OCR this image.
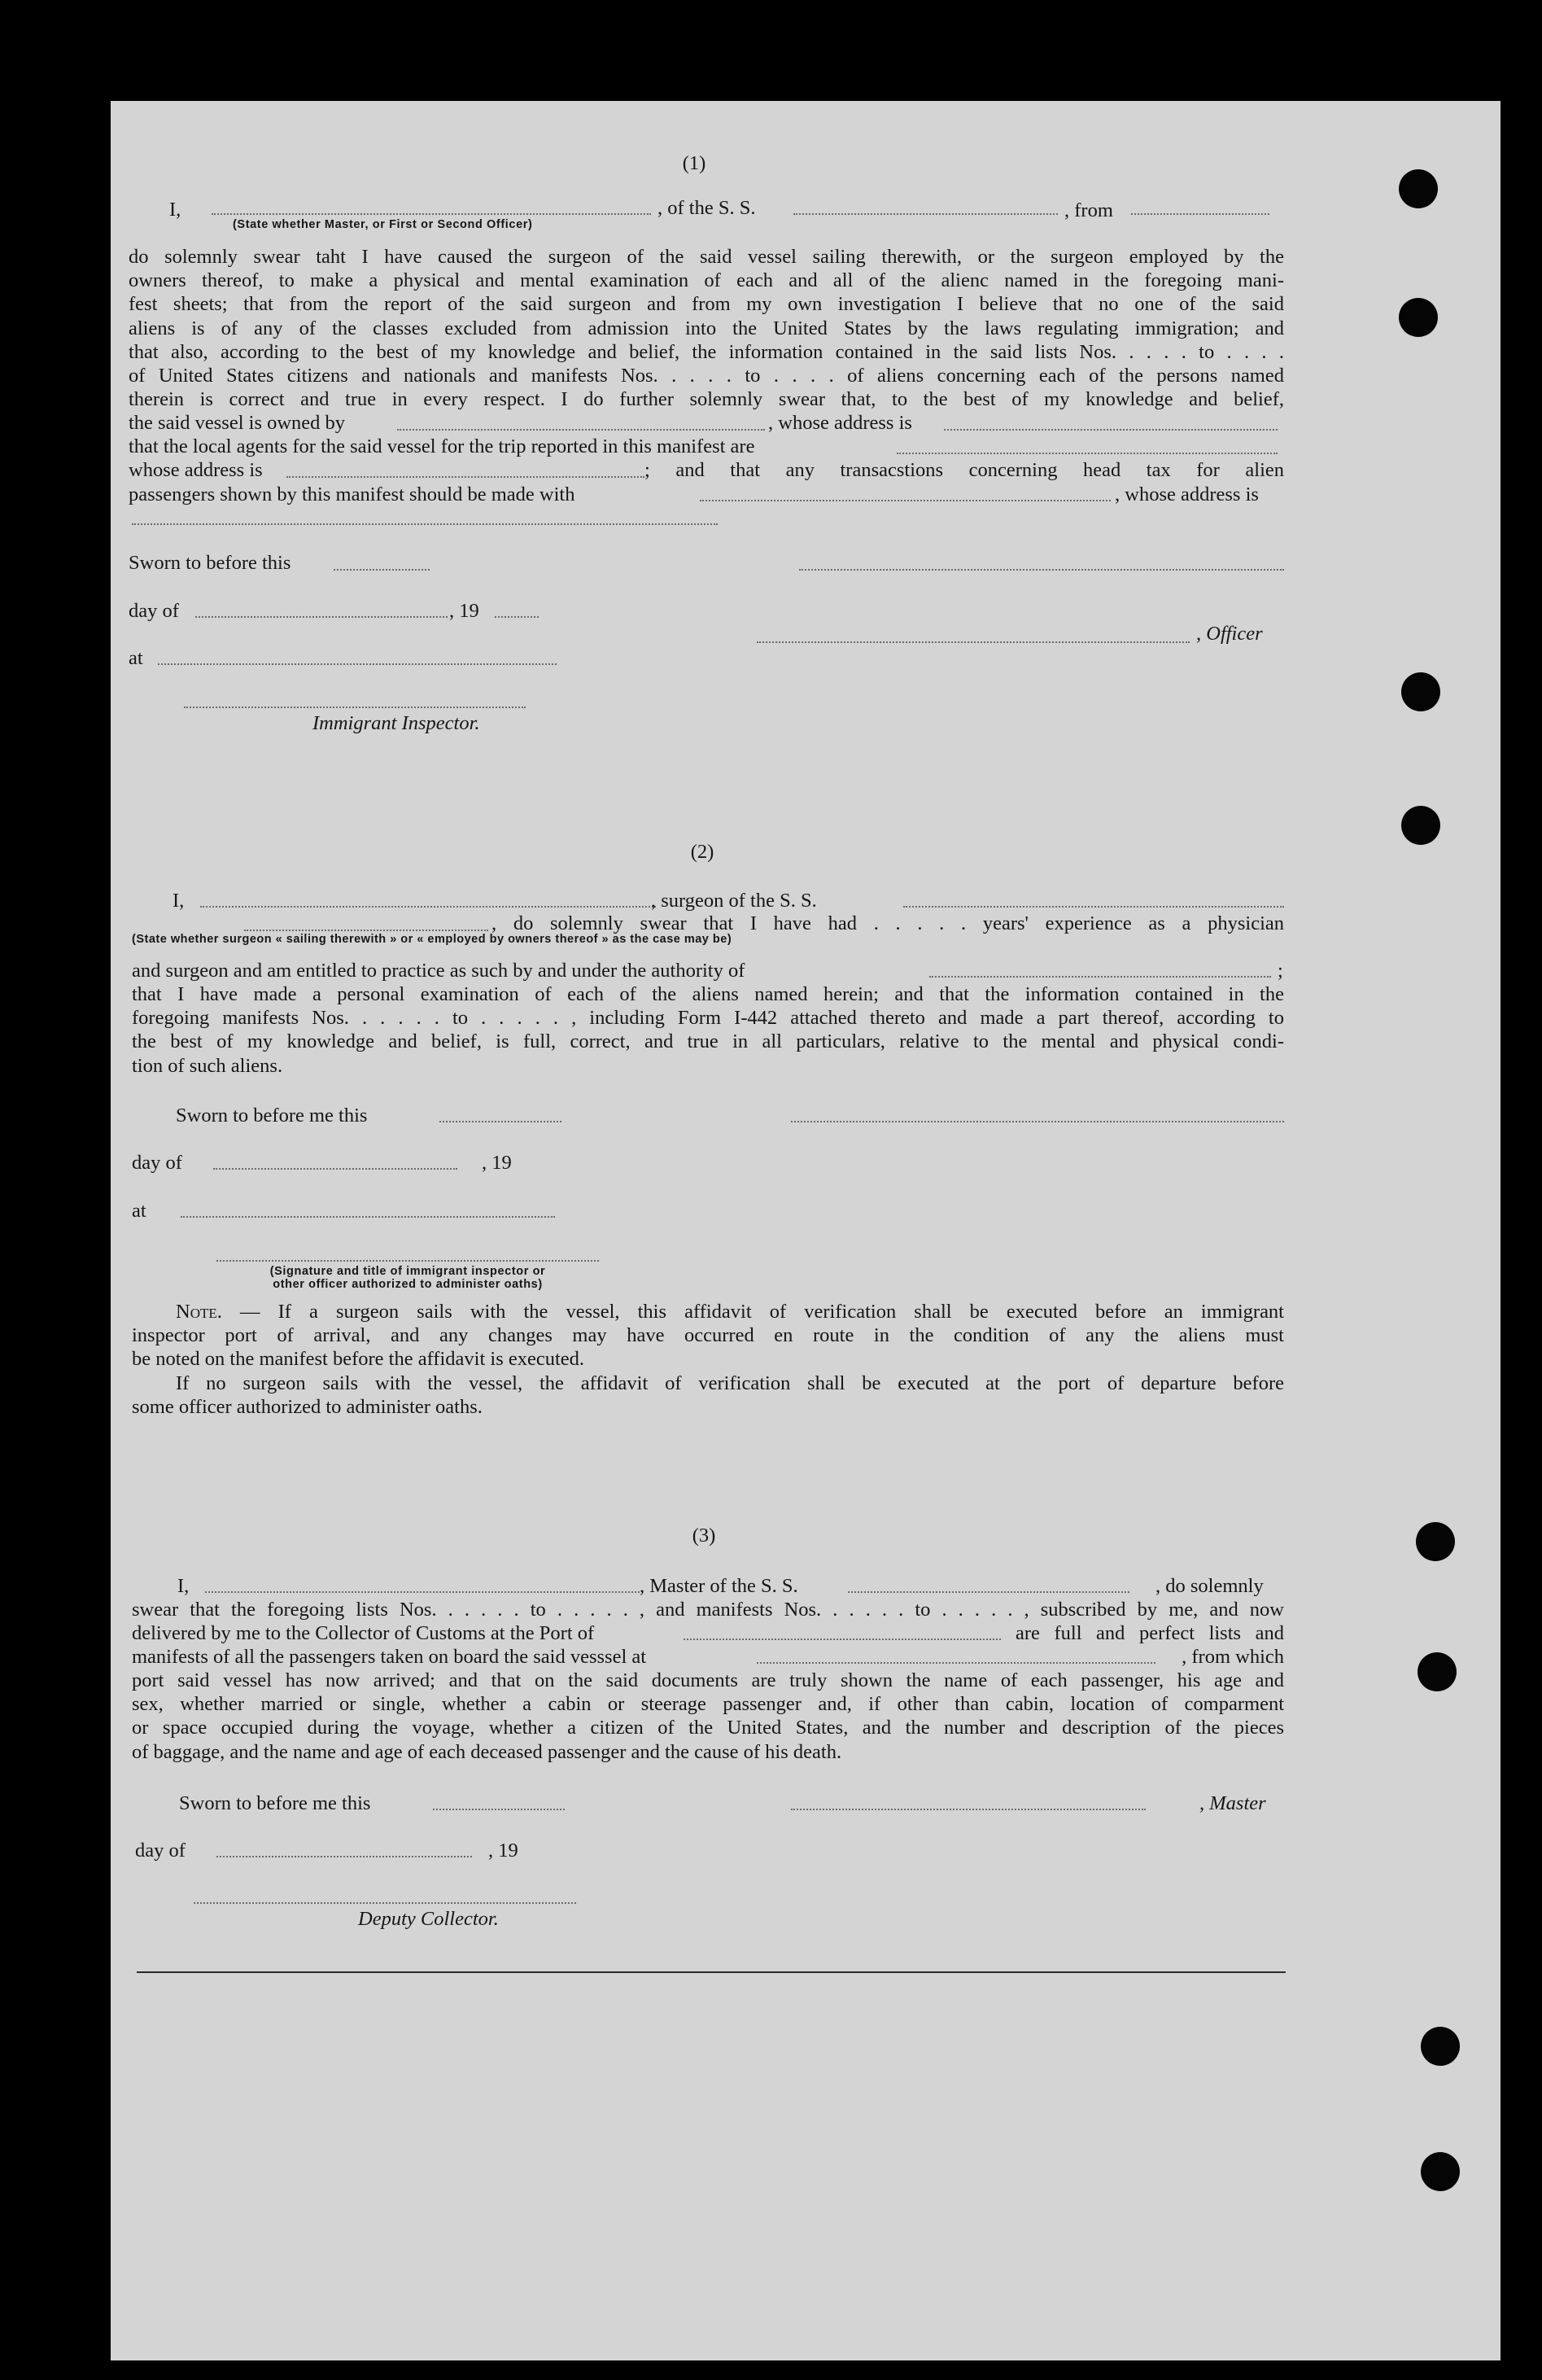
(1)
I,	, of the S. S.	, from
(State whether Master, or First or Second Officer)
do solemnly swear taht I have caused the surgeon of the said vessel sailing therewith, or the surgeon employed by the
owners thereof, to make a physical and mental examination of each and all of the alienc named in the foregoing mani-
fest sheets; that from the report of the said surgeon and from my own investigation I believe that no one of the said
aliens is of any of the classes excluded from admission into the United States by the laws regulating immigration; and
that also, according to the best of my knowledge and belief, the information contained in the said lists Nos. . . . . to . . . .
of United States citizens and nationals and manifests Nos. . . . . to . . . . of aliens concerning each of the persons named
therein is correct and true in every respect. I do further solemnly swear that, to the best of my knowledge and belief,
the said vessel is owned by	, whose address is
that the local agents for the said vessel for the trip reported in this manifest are
whose address is	; and that any transacstions concerning head tax for alien
passengers shown by this manifest should be made with	, whose address is
Sworn to before this
day of	, 19
, Officer
at
Immigrant Inspector.
(2)
I,	, surgeon of the S. S.
, do solemnly swear that I have had . . . . . years' experience as a physician
(State whether surgeon « sailing therewith » or « employed by owners thereof » as the case may be)
and surgeon and am entitled to practice as such by and under the authority of	;
that I have made a personal examination of each of the aliens named herein; and that the information contained in the
foregoing manifests Nos. . . . . . to . . . . . , including Form I-442 attached thereto and made a part thereof, according to
the best of my knowledge and belief, is full, correct, and true in all particulars, relative to the mental and physical condi-
tion of such aliens.
Sworn to before me this
day of	, 19
at
(Signature and title of immigrant inspector or
other officer authorized to administer oaths)
Note. — If a surgeon sails with the vessel, this affidavit of verification shall be executed before an immigrant
inspector port of arrival, and any changes may have occurred en route in the condition of any the aliens must
be noted on the manifest before the affidavit is executed.
If no surgeon sails with the vessel, the affidavit of verification shall be executed at the port of departure before
some officer authorized to administer oaths.
(3)
I,	, Master of the S. S.	, do solemnly
swear that the foregoing lists Nos. . . . . . to . . . . . , and manifests Nos. . . . . . to . . . . . , subscribed by me, and now
delivered by me to the Collector of Customs at the Port of	are full and perfect lists and
manifests of all the passengers taken on board the said vesssel at	, from which
port said vessel has now arrived; and that on the said documents are truly shown the name of each passenger, his age and
sex, whether married or single, whether a cabin or steerage passenger and, if other than cabin, location of comparment
or space occupied during the voyage, whether a citizen of the United States, and the number and description of the pieces
of baggage, and the name and age of each deceased passenger and the cause of his death.
Sworn to before me this	, Master
day of	, 19
Deputy Collector.
